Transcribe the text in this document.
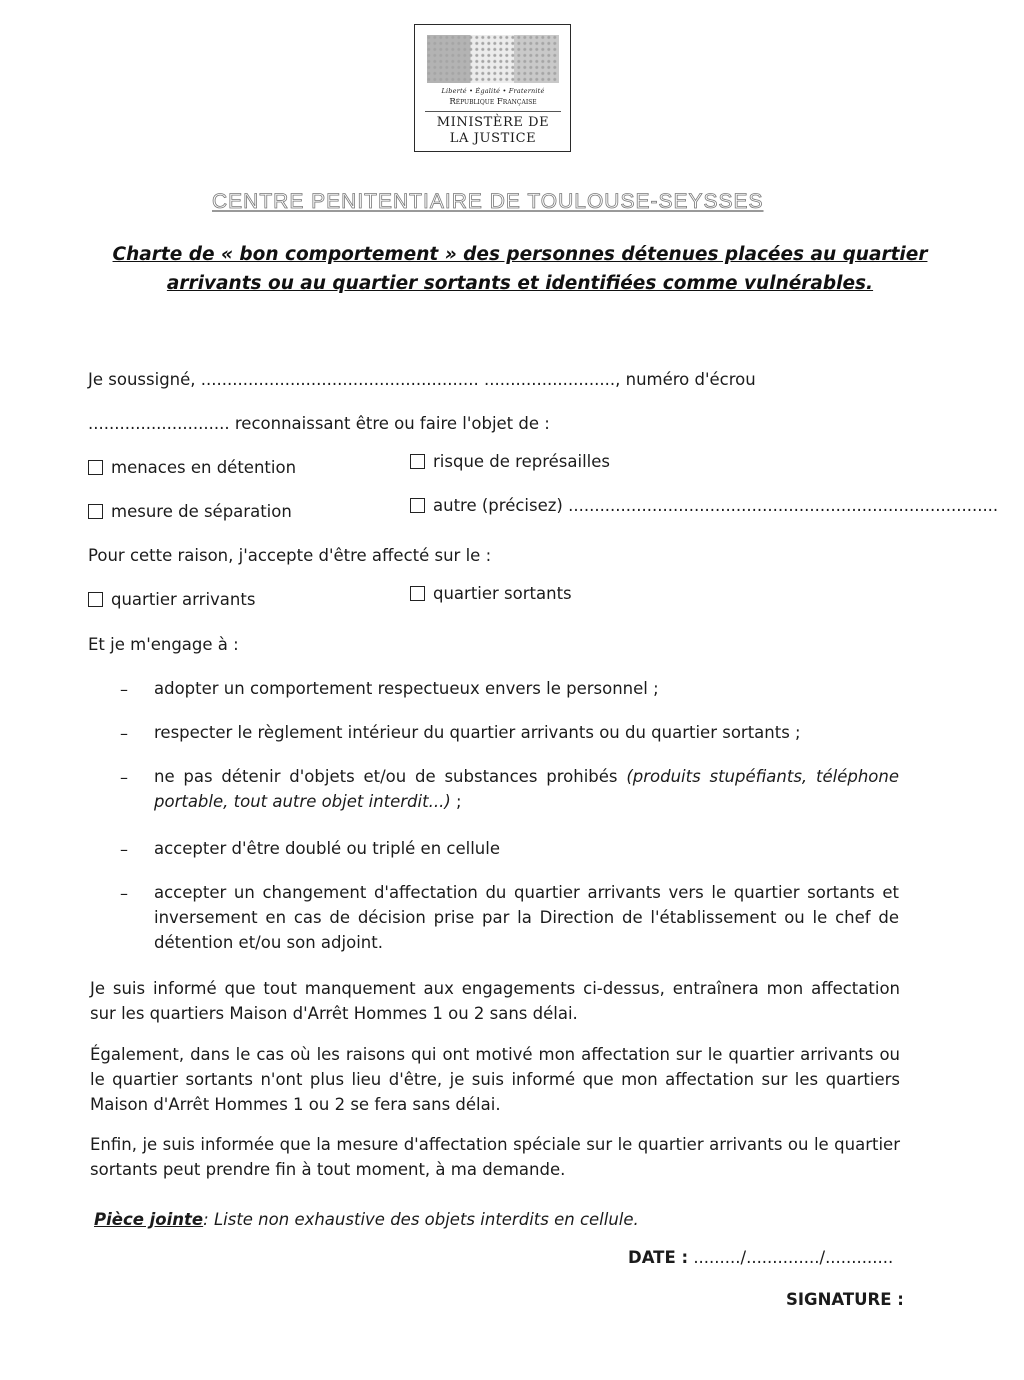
Liberté • Égalité • Fraternité
République Française
MINISTÈRE DE
LA JUSTICE
CENTRE PENITENTIAIRE DE TOULOUSE-SEYSSES
Charte de « bon comportement » des personnes détenues placées au quartier
arrivants ou au quartier sortants et identifiées comme vulnérables.
Je soussigné, ..................................................... ........................., numéro d'écrou
........................... reconnaissant être ou faire l'objet de :
menaces en détention	risque de représailles
mesure de séparation	autre (précisez) ..................................................................................
Pour cette raison, j'accepte d'être affecté sur le :
quartier arrivants	quartier sortants
Et je m'engage à :
– adopter un comportement respectueux envers le personnel ;
– respecter le règlement intérieur du quartier arrivants ou du quartier sortants ;
– ne pas détenir d'objets et/ou de substances prohibés (produits stupéfiants, téléphone portable, tout autre objet interdit...) ;
– accepter d'être doublé ou triplé en cellule
– accepter un changement d'affectation du quartier arrivants vers le quartier sortants et inversement en cas de décision prise par la Direction de l'établissement ou le chef de détention et/ou son adjoint.
Je suis informé que tout manquement aux engagements ci-dessus, entraînera mon affectation sur les quartiers Maison d'Arrêt Hommes 1 ou 2 sans délai.
Également, dans le cas où les raisons qui ont motivé mon affectation sur le quartier arrivants ou le quartier sortants n'ont plus lieu d'être, je suis informé que mon affectation sur les quartiers Maison d'Arrêt Hommes 1 ou 2 se fera sans délai.
Enfin, je suis informée que la mesure d'affectation spéciale sur le quartier arrivants ou le quartier sortants peut prendre fin à tout moment, à ma demande.
Pièce jointe: Liste non exhaustive des objets interdits en cellule.
DATE : ........./............../.............
SIGNATURE :
